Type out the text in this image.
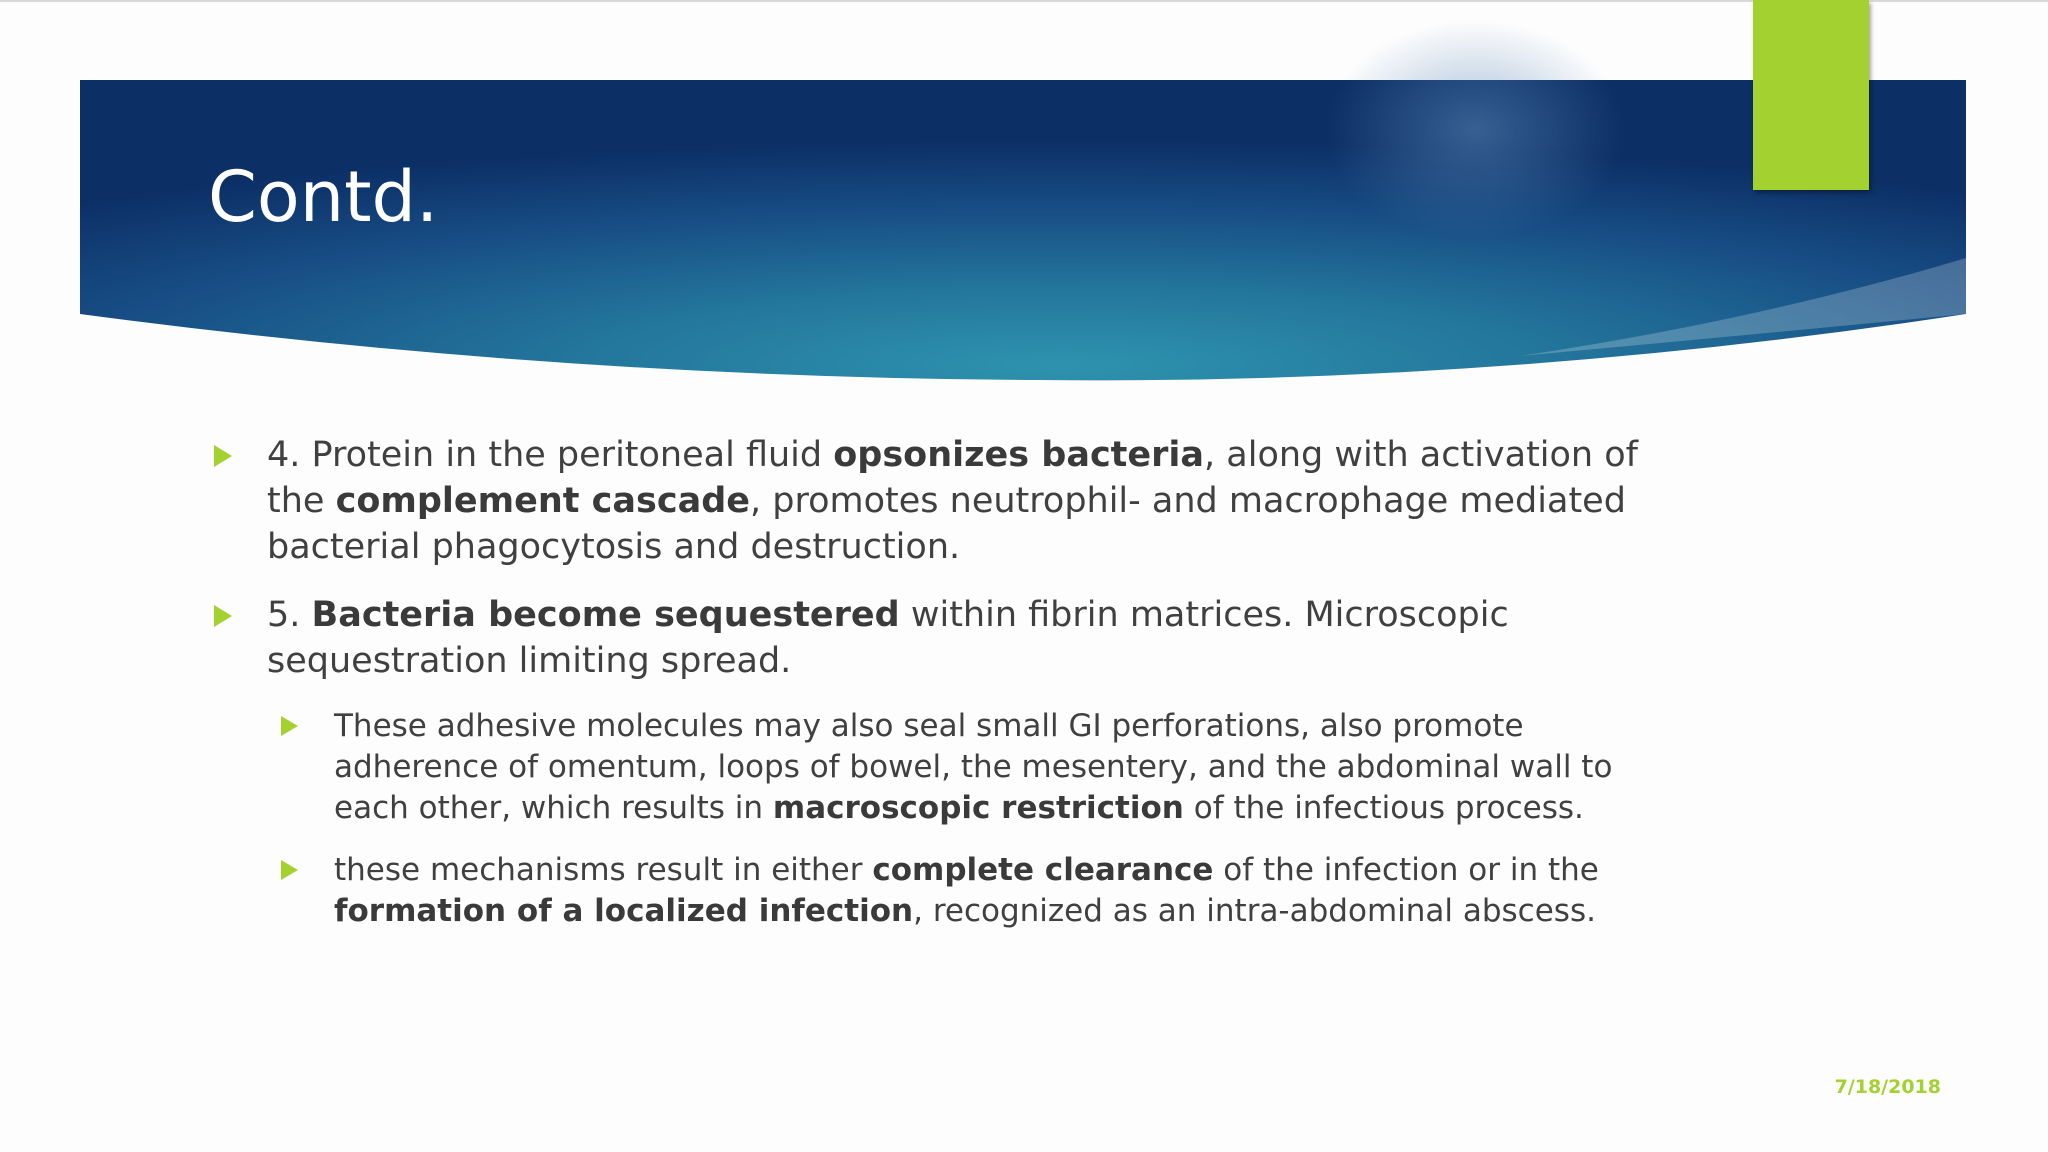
Contd.
4. Protein in the peritoneal fluid opsonizes bacteria, along with activation of the complement cascade, promotes neutrophil- and macrophage mediated bacterial phagocytosis and destruction.
5. Bacteria become sequestered within fibrin matrices. Microscopic sequestration limiting spread.
These adhesive molecules may also seal small GI perforations, also promote adherence of omentum, loops of bowel, the mesentery, and the abdominal wall to each other, which results in macroscopic restriction of the infectious process.
these mechanisms result in either complete clearance of the infection or in the formation of a localized infection, recognized as an intra-abdominal abscess.
7/18/2018
